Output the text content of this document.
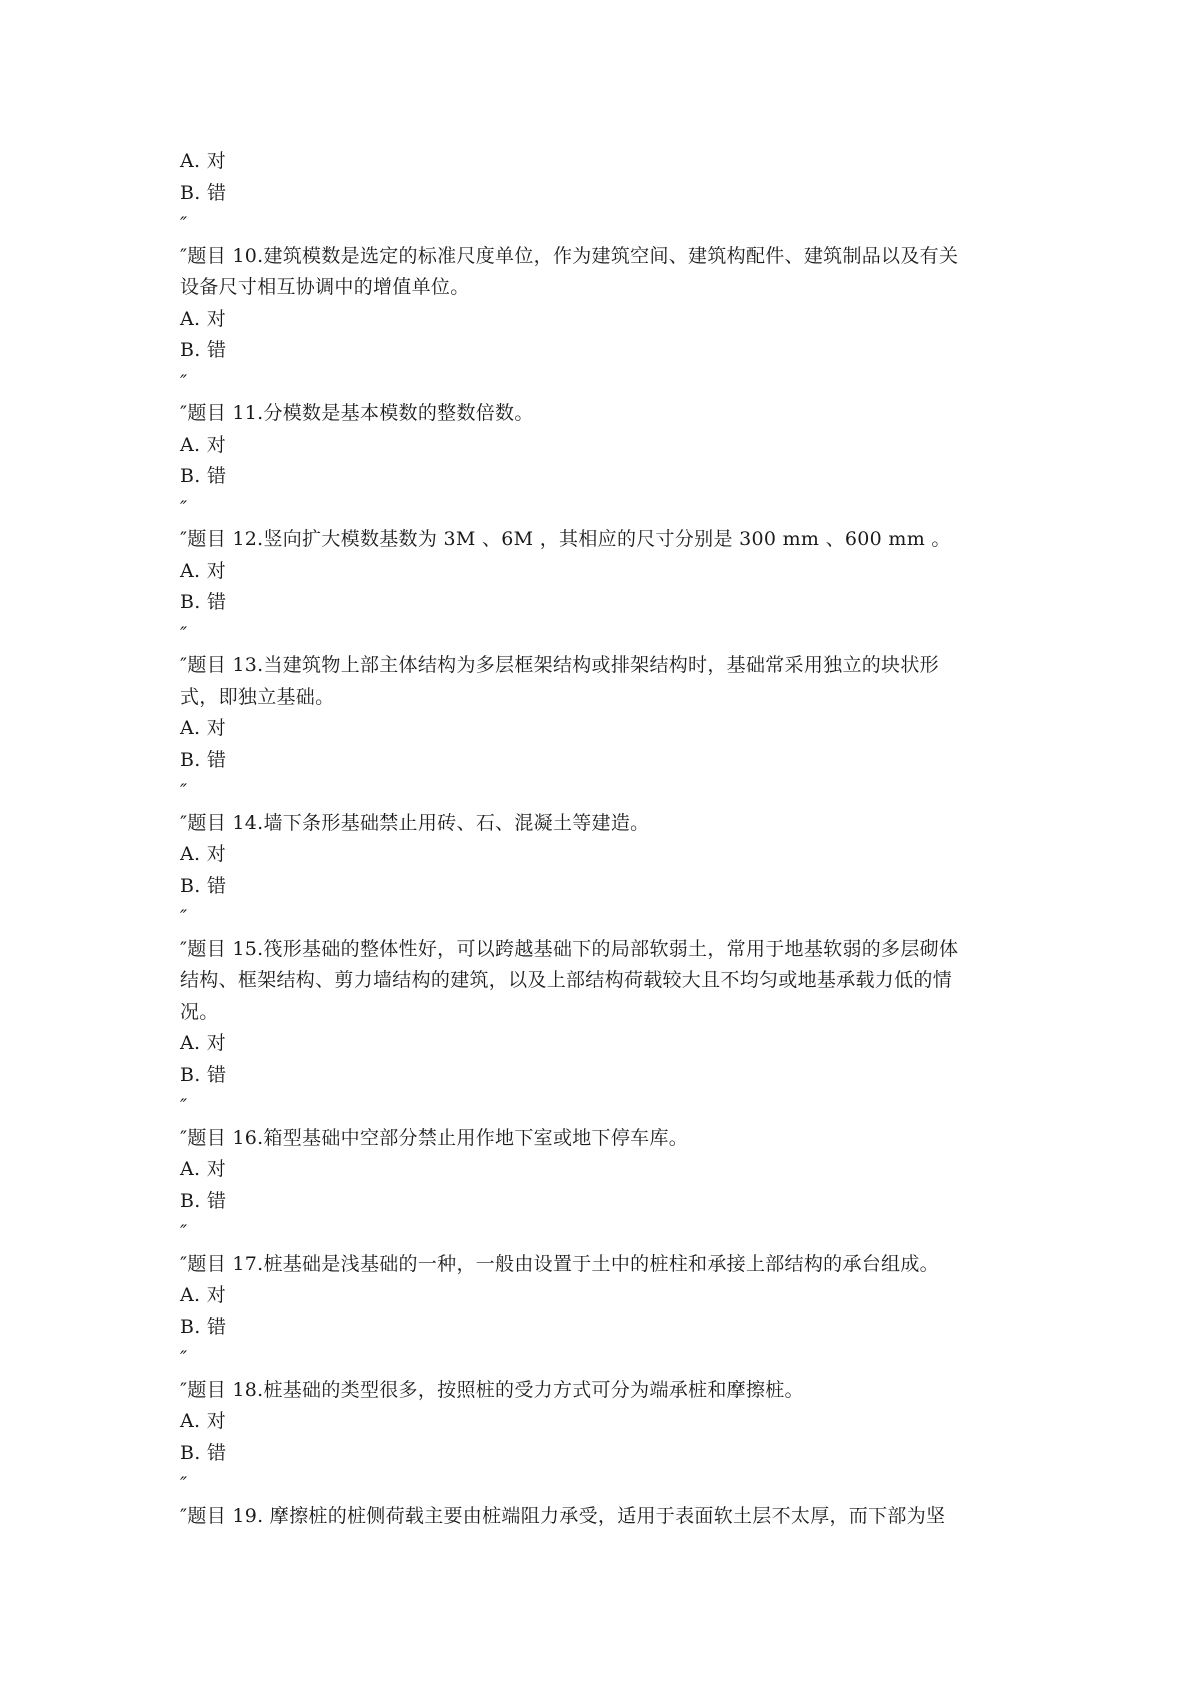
A. 对
B. 错
″
″题目 10.建筑模数是选定的标准尺度单位，作为建筑空间、建筑构配件、建筑制品以及有关
设备尺寸相互协调中的增值单位。
A. 对
B. 错
″
″题目 11.分模数是基本模数的整数倍数。
A. 对
B. 错
″
″题目 12.竖向扩大模数基数为 3M 、6M ，其相应的尺寸分别是 300 mm 、600 mm 。
A. 对
B. 错
″
″题目 13.当建筑物上部主体结构为多层框架结构或排架结构时，基础常采用独立的块状形
式，即独立基础。
A. 对
B. 错
″
″题目 14.墙下条形基础禁止用砖、石、混凝土等建造。
A. 对
B. 错
″
″题目 15.筏形基础的整体性好，可以跨越基础下的局部软弱土，常用于地基软弱的多层砌体
结构、框架结构、剪力墙结构的建筑，以及上部结构荷载较大且不均匀或地基承载力低的情
况。
A. 对
B. 错
″
″题目 16.箱型基础中空部分禁止用作地下室或地下停车库。
A. 对
B. 错
″
″题目 17.桩基础是浅基础的一种，一般由设置于土中的桩柱和承接上部结构的承台组成。
A. 对
B. 错
″
″题目 18.桩基础的类型很多，按照桩的受力方式可分为端承桩和摩擦桩。
A. 对
B. 错
″
″题目 19. 摩擦桩的桩侧荷载主要由桩端阻力承受，适用于表面软土层不太厚，而下部为坚
